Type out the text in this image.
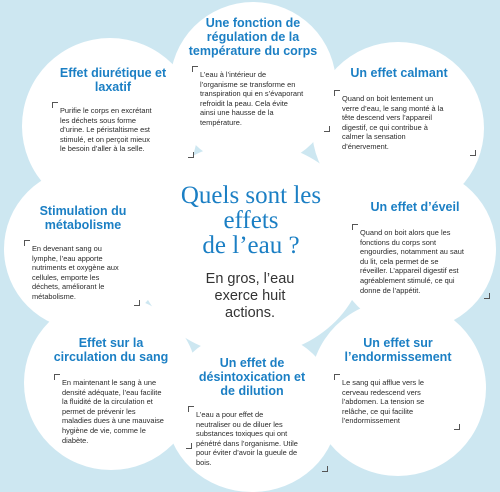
Quels sont les
effets
de l’eau ?
En gros, l’eau
exerce huit
actions.
Une fonction de
régulation de la
température du corps
L’eau à l’intérieur de
l’organisme se transforme en
transpiration qui en s’évaporant
refroidit la peau. Cela évite
ainsi une hausse de la
température.
Un effet calmant
Quand on boit lentement un
verre d’eau, le sang monté à la
tête descend vers l’appareil
digestif, ce qui contribue à
calmer la sensation
d’énervement.
Un effet d’éveil
Quand on boit alors que les
fonctions du corps sont
engourdies, notamment au saut
du lit, cela permet de se
réveiller. L’appareil digestif est
agréablement stimulé, ce qui
donne de l’appétit.
Un effet sur
l’endormissement
Le sang qui afflue vers le
cerveau redescend vers
l’abdomen. La tension se
relâche, ce qui facilite
l’endormissement
Un effet de
désintoxication et
de dilution
L’eau a pour effet de
neutraliser ou de diluer les
substances toxiques qui ont
pénétré dans l’organisme. Utile
pour éviter d’avoir la gueule de
bois.
Effet sur la
circulation du sang
En maintenant le sang à une
densité adéquate, l’eau facilite
la fluidité de la circulation et
permet de prévenir les
maladies dues à une mauvaise
hygiène de vie, comme le
diabète.
Stimulation du
métabolisme
En devenant sang ou
lymphe, l’eau apporte
nutriments et oxygène aux
cellules, emporte les
déchets, améliorant le
métabolisme.
Effet diurétique et
laxatif
Purifie le corps en excrétant
les déchets sous forme
d’urine. Le péristaltisme est
stimulé, et on perçoit mieux
le besoin d’aller à la selle.
